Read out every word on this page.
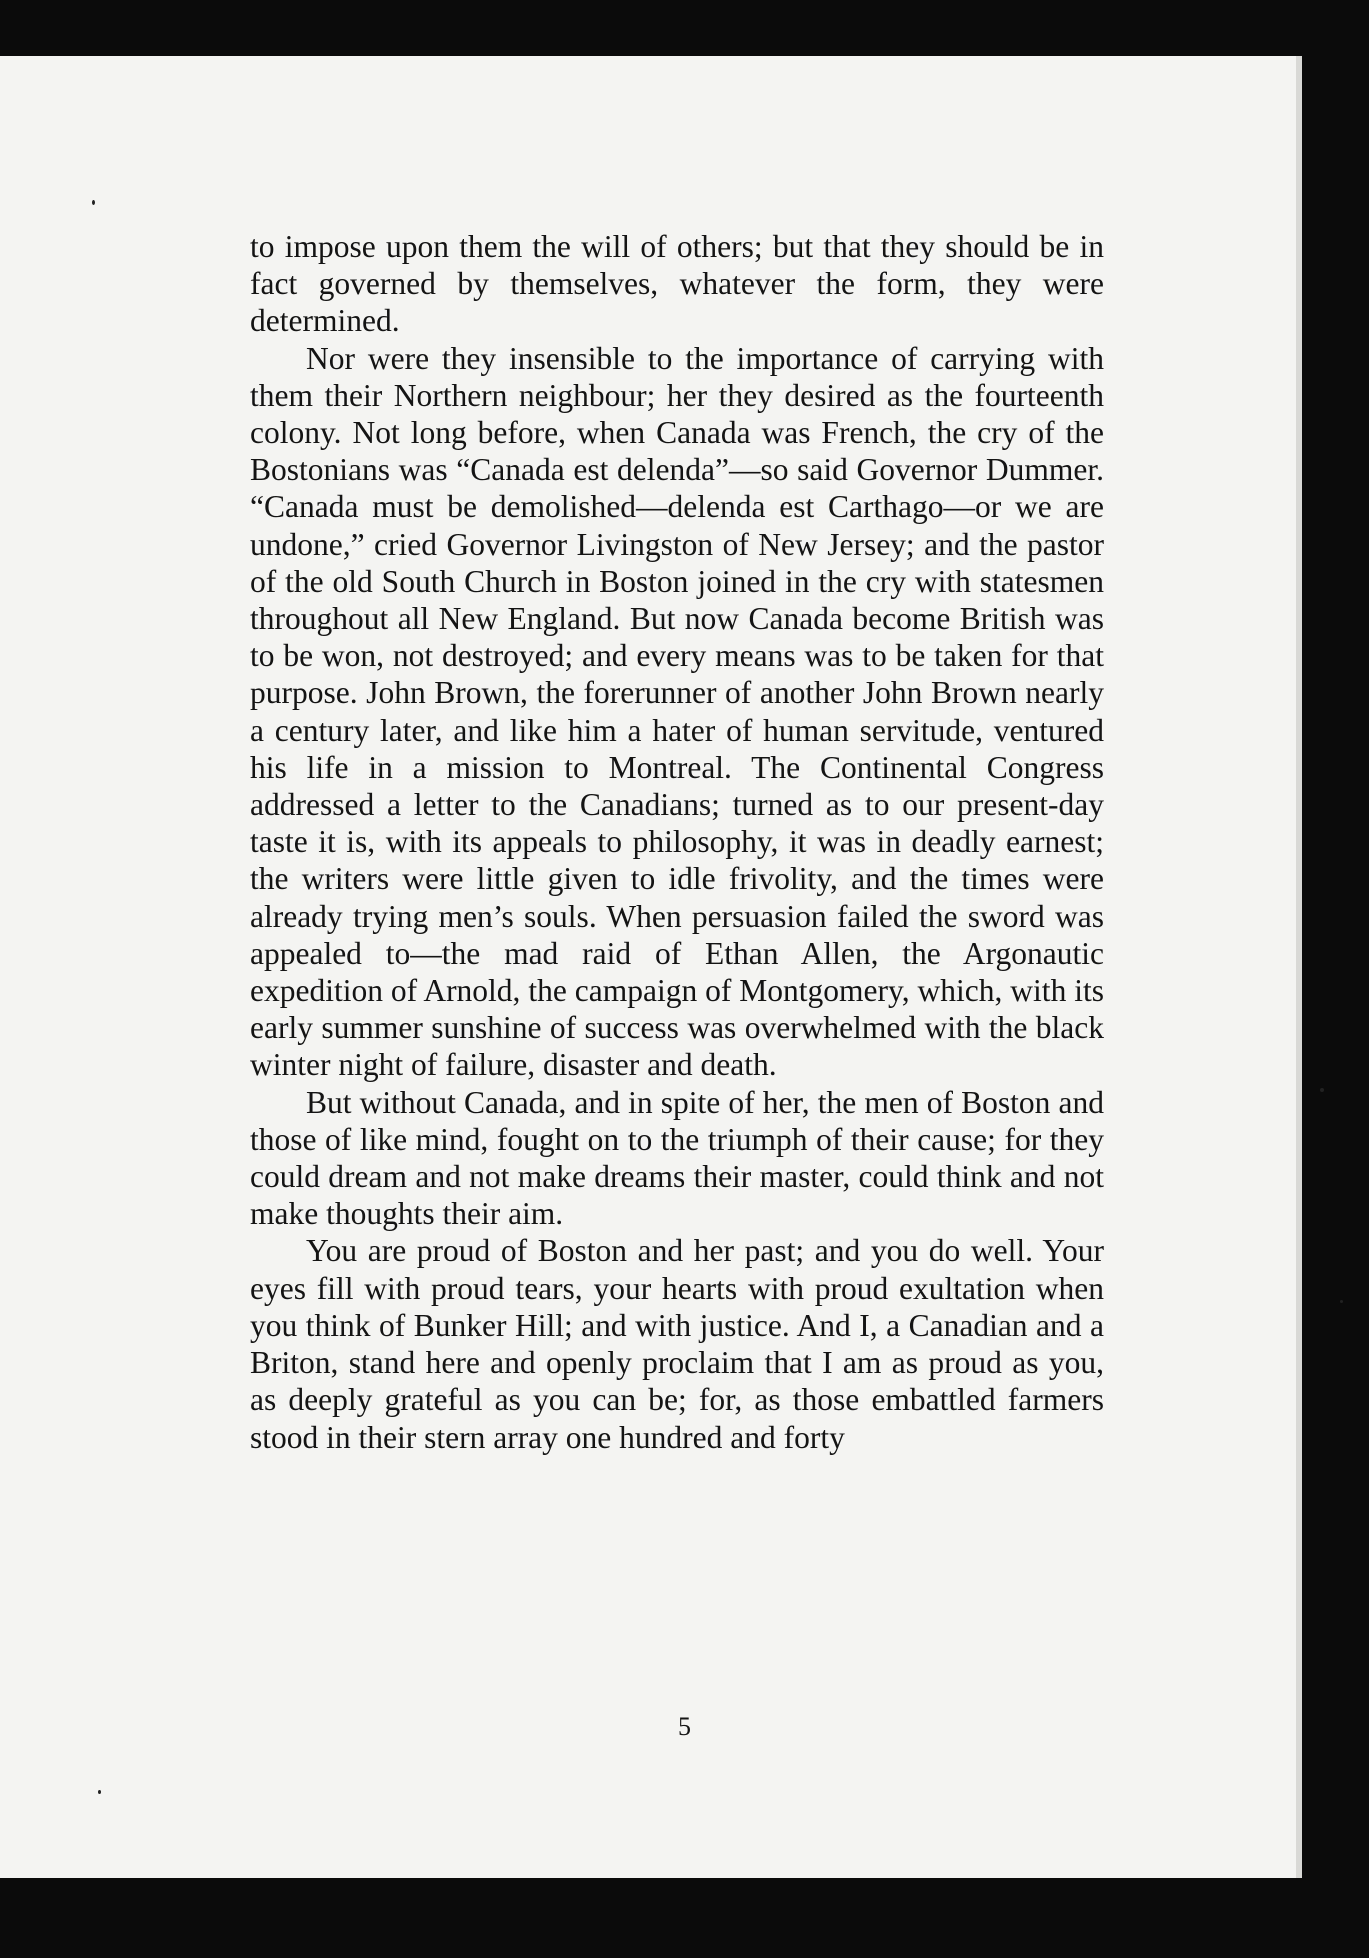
to impose upon them the will of others; but that they should be in fact governed by themselves, whatever the form, they were determined.

Nor were they insensible to the importance of carrying with them their Northern neighbour; her they desired as the fourteenth colony. Not long before, when Canada was French, the cry of the Bostonians was “Canada est delenda”—so said Governor Dummer. “Canada must be demolished—delenda est Carthago—or we are undone,” cried Governor Livingston of New Jersey; and the pastor of the old South Church in Boston joined in the cry with statesmen throughout all New England. But now Canada become British was to be won, not destroyed; and every means was to be taken for that purpose. John Brown, the forerunner of another John Brown nearly a century later, and like him a hater of human servitude, ventured his life in a mission to Montreal. The Continental Congress addressed a letter to the Canadians; turned as to our present-day taste it is, with its appeals to philosophy, it was in deadly earnest; the writers were little given to idle frivolity, and the times were already trying men’s souls. When persuasion failed the sword was appealed to—the mad raid of Ethan Allen, the Argonautic expedition of Arnold, the campaign of Montgomery, which, with its early summer sunshine of success was overwhelmed with the black winter night of failure, disaster and death.

But without Canada, and in spite of her, the men of Boston and those of like mind, fought on to the triumph of their cause; for they could dream and not make dreams their master, could think and not make thoughts their aim.

You are proud of Boston and her past; and you do well. Your eyes fill with proud tears, your hearts with proud exultation when you think of Bunker Hill; and with justice. And I, a Canadian and a Briton, stand here and openly proclaim that I am as proud as you, as deeply grateful as you can be; for, as those embattled farmers stood in their stern array one hundred and forty

5
